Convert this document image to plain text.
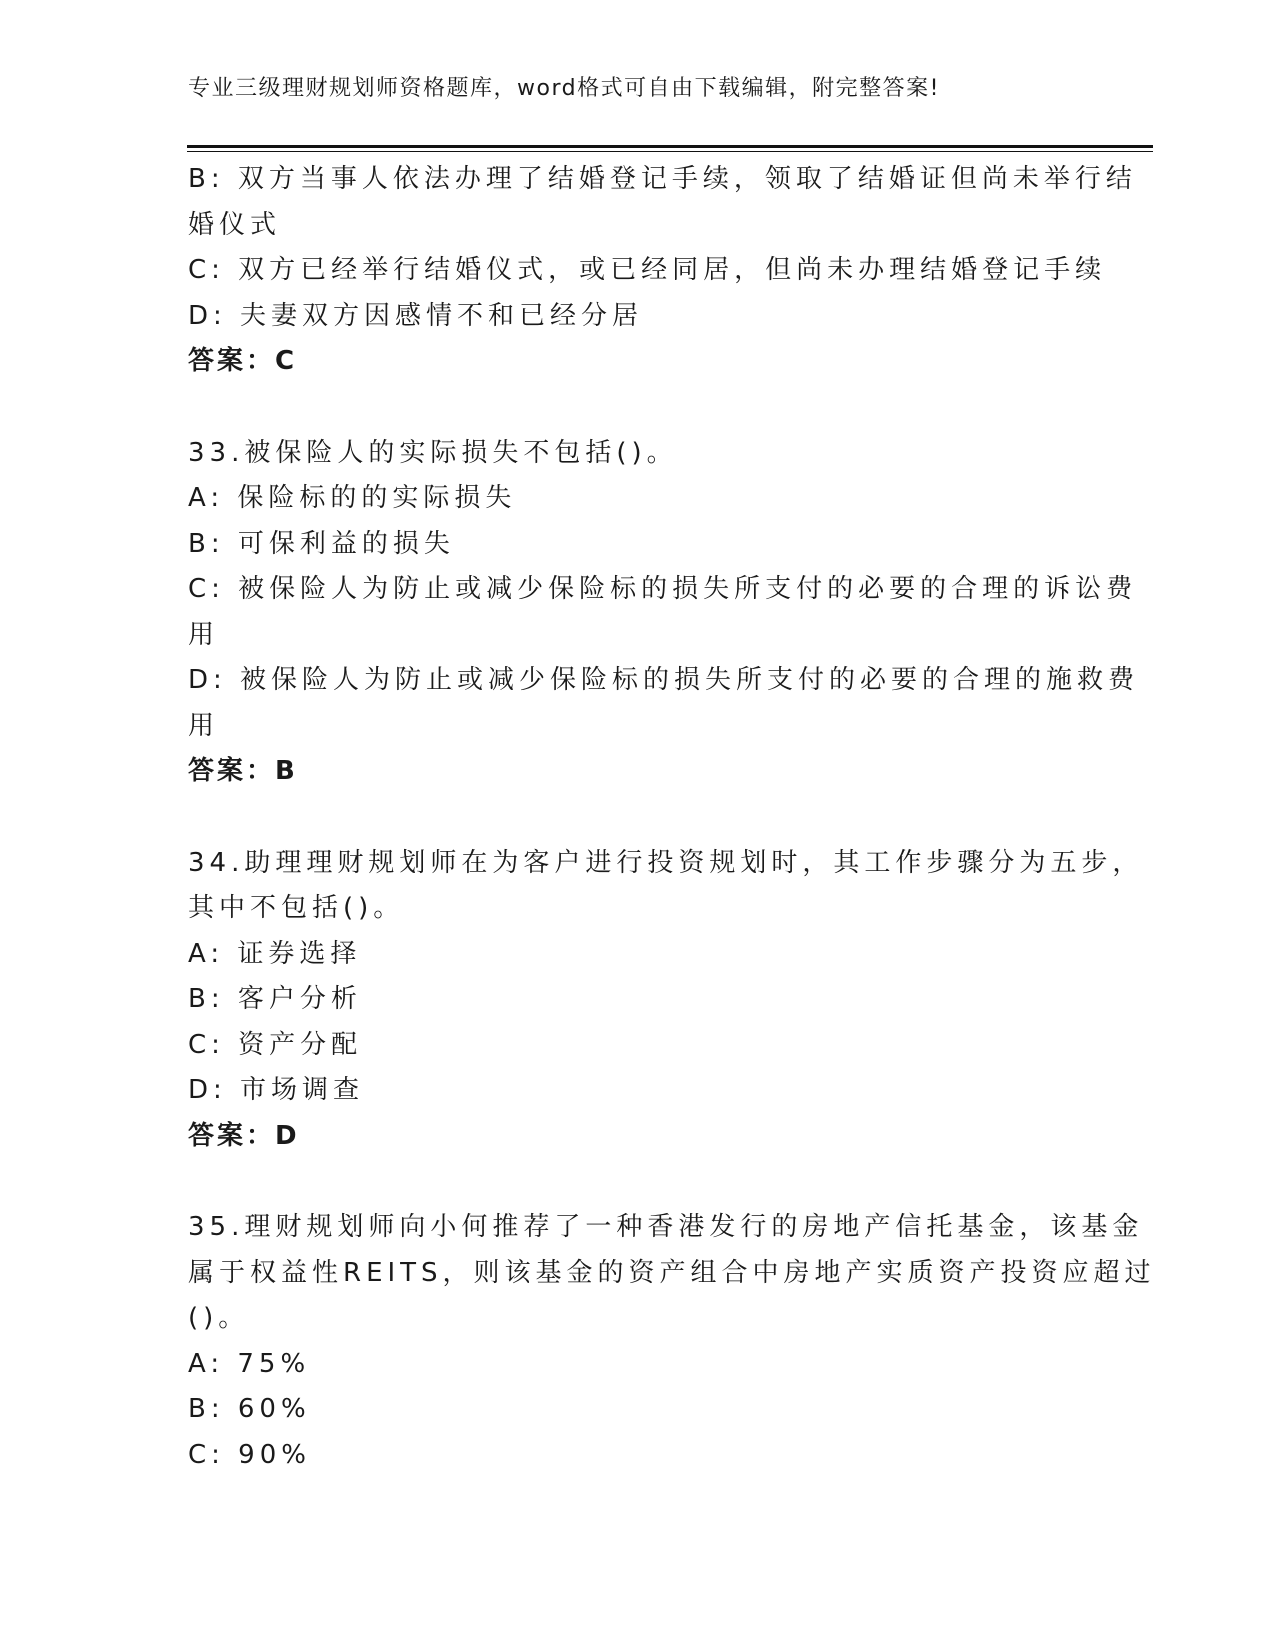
专业三级理财规划师资格题库，word格式可自由下载编辑，附完整答案!
B: 双方当事人依法办理了结婚登记手续，领取了结婚证但尚未举行结
婚仪式
C: 双方已经举行结婚仪式，或已经同居，但尚未办理结婚登记手续
D: 夫妻双方因感情不和已经分居
答案：C
33.被保险人的实际损失不包括()。
A: 保险标的的实际损失
B: 可保利益的损失
C: 被保险人为防止或减少保险标的损失所支付的必要的合理的诉讼费
用
D: 被保险人为防止或减少保险标的损失所支付的必要的合理的施救费
用
答案：B
34.助理理财规划师在为客户进行投资规划时，其工作步骤分为五步，
其中不包括()。
A: 证券选择
B: 客户分析
C: 资产分配
D: 市场调查
答案：D
35.理财规划师向小何推荐了一种香港发行的房地产信托基金，该基金
属于权益性REITS，则该基金的资产组合中房地产实质资产投资应超过
()。
A: 75%
B: 60%
C: 90%
